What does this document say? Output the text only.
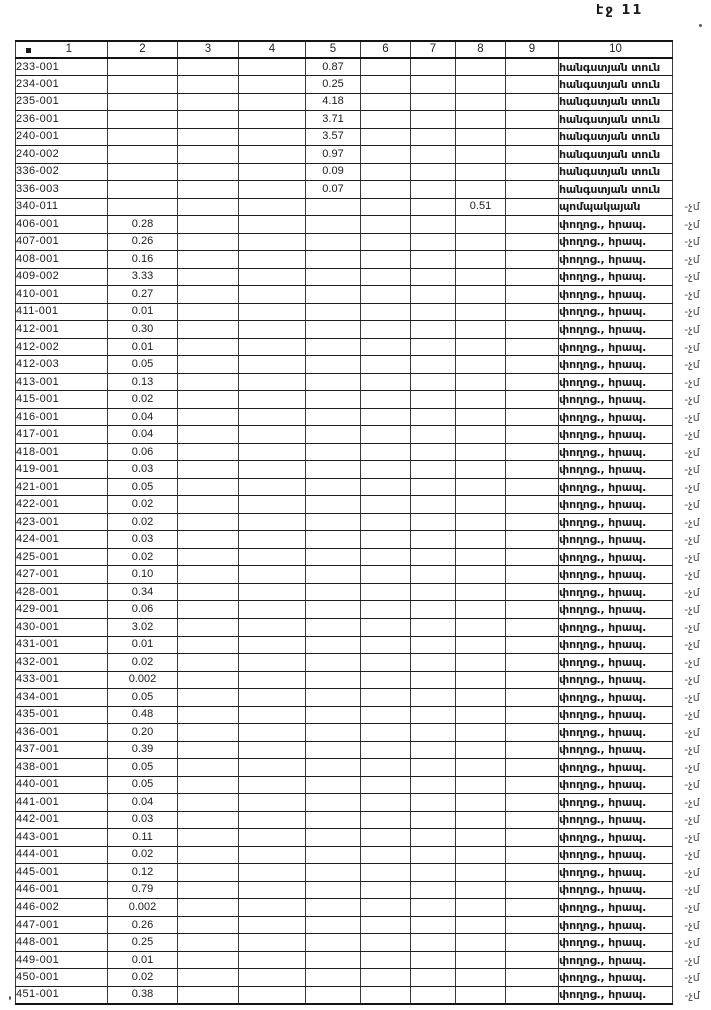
էջ 11
1	2	3	4	5	6	7	8	9	10	
233-001				0.87					հանգստյան տուն	
234-001				0.25					հանգստյան տուն	
235-001				4.18					հանգստյան տուն	
236-001				3.71					հանգստյան տուն	
240-001				3.57					հանգստյան տուն	
240-002				0.97					հանգստյան տուն	
336-002				0.09					հանգստյան տուն	
336-003				0.07					հանգստյան տուն	
340-011							0.51		պոմպակայան	-չմ
406-001	0.28								փողոց., հրապ.	-չմ
407-001	0.26								փողոց., հրապ.	-չմ
408-001	0.16								փողոց., հրապ.	-չմ
409-002	3.33								փողոց., հրապ.	-չմ
410-001	0.27								փողոց., հրապ.	-չմ
411-001	0.01								փողոց., հրապ.	-չմ
412-001	0.30								փողոց., հրապ.	-չմ
412-002	0.01								փողոց., հրապ.	-չմ
412-003	0.05								փողոց., հրապ.	-չմ
413-001	0.13								փողոց., հրապ.	-չմ
415-001	0.02								փողոց., հրապ.	-չմ
416-001	0.04								փողոց., հրապ.	-չմ
417-001	0.04								փողոց., հրապ.	-չմ
418-001	0.06								փողոց., հրապ.	-չմ
419-001	0.03								փողոց., հրապ.	-չմ
421-001	0.05								փողոց., հրապ.	-չմ
422-001	0.02								փողոց., հրապ.	-չմ
423-001	0.02								փողոց., հրապ.	-չմ
424-001	0.03								փողոց., հրապ.	-չմ
425-001	0.02								փողոց., հրապ.	-չմ
427-001	0.10								փողոց., հրապ.	-չմ
428-001	0.34								փողոց., հրապ.	-չմ
429-001	0.06								փողոց., հրապ.	-չմ
430-001	3.02								փողոց., հրապ.	-չմ
431-001	0.01								փողոց., հրապ.	-չմ
432-001	0.02								փողոց., հրապ.	-չմ
433-001	0.002								փողոց., հրապ.	-չմ
434-001	0.05								փողոց., հրապ.	-չմ
435-001	0.48								փողոց., հրապ.	-չմ
436-001	0.20								փողոց., հրապ.	-չմ
437-001	0.39								փողոց., հրապ.	-չմ
438-001	0.05								փողոց., հրապ.	-չմ
440-001	0.05								փողոց., հրապ.	-չմ
441-001	0.04								փողոց., հրապ.	-չմ
442-001	0.03								փողոց., հրապ.	-չմ
443-001	0.11								փողոց., հրապ.	-չմ
444-001	0.02								փողոց., հրապ.	-չմ
445-001	0.12								փողոց., հրապ.	-չմ
446-001	0.79								փողոց., հրապ.	-չմ
446-002	0.002								փողոց., հրապ.	-չմ
447-001	0.26								փողոց., հրապ.	-չմ
448-001	0.25								փողոց., հրապ.	-չմ
449-001	0.01								փողոց., հրապ.	-չմ
450-001	0.02								փողոց., հրապ.	-չմ
451-001	0.38								փողոց., հրապ.	-չմ
